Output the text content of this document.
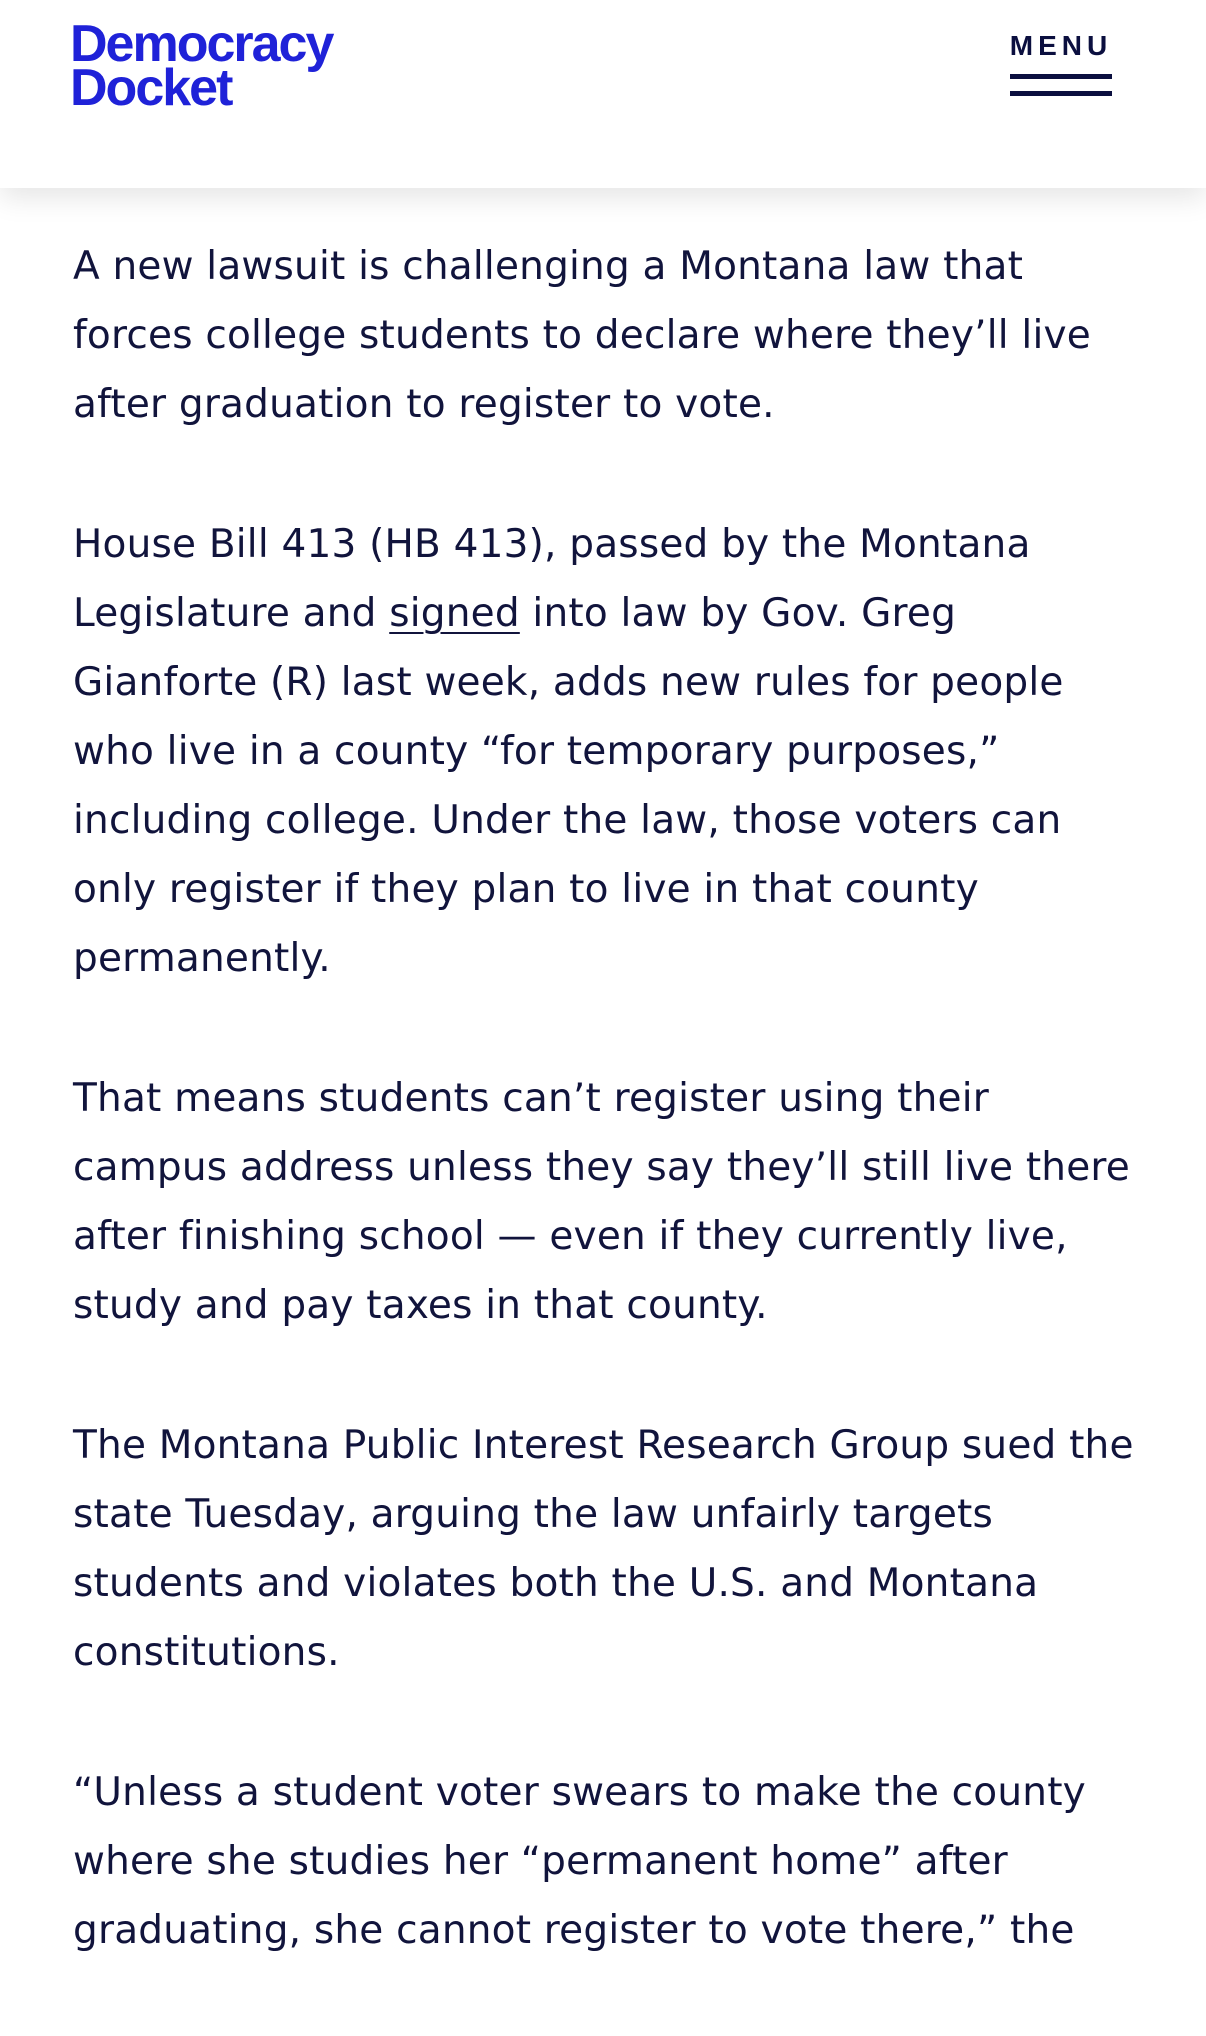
Democracy
Docket
MENU

A new lawsuit is challenging a Montana law that forces college students to declare where they’ll live after graduation to register to vote.

House Bill 413 (HB 413), passed by the Montana Legislature and signed into law by Gov. Greg Gianforte (R) last week, adds new rules for people who live in a county “for temporary purposes,” including college. Under the law, those voters can only register if they plan to live in that county permanently.

That means students can’t register using their campus address unless they say they’ll still live there after finishing school — even if they currently live, study and pay taxes in that county.

The Montana Public Interest Research Group sued the state Tuesday, arguing the law unfairly targets students and violates both the U.S. and Montana constitutions.

“Unless a student voter swears to make the county where she studies her “permanent home” after graduating, she cannot register to vote there,” the
